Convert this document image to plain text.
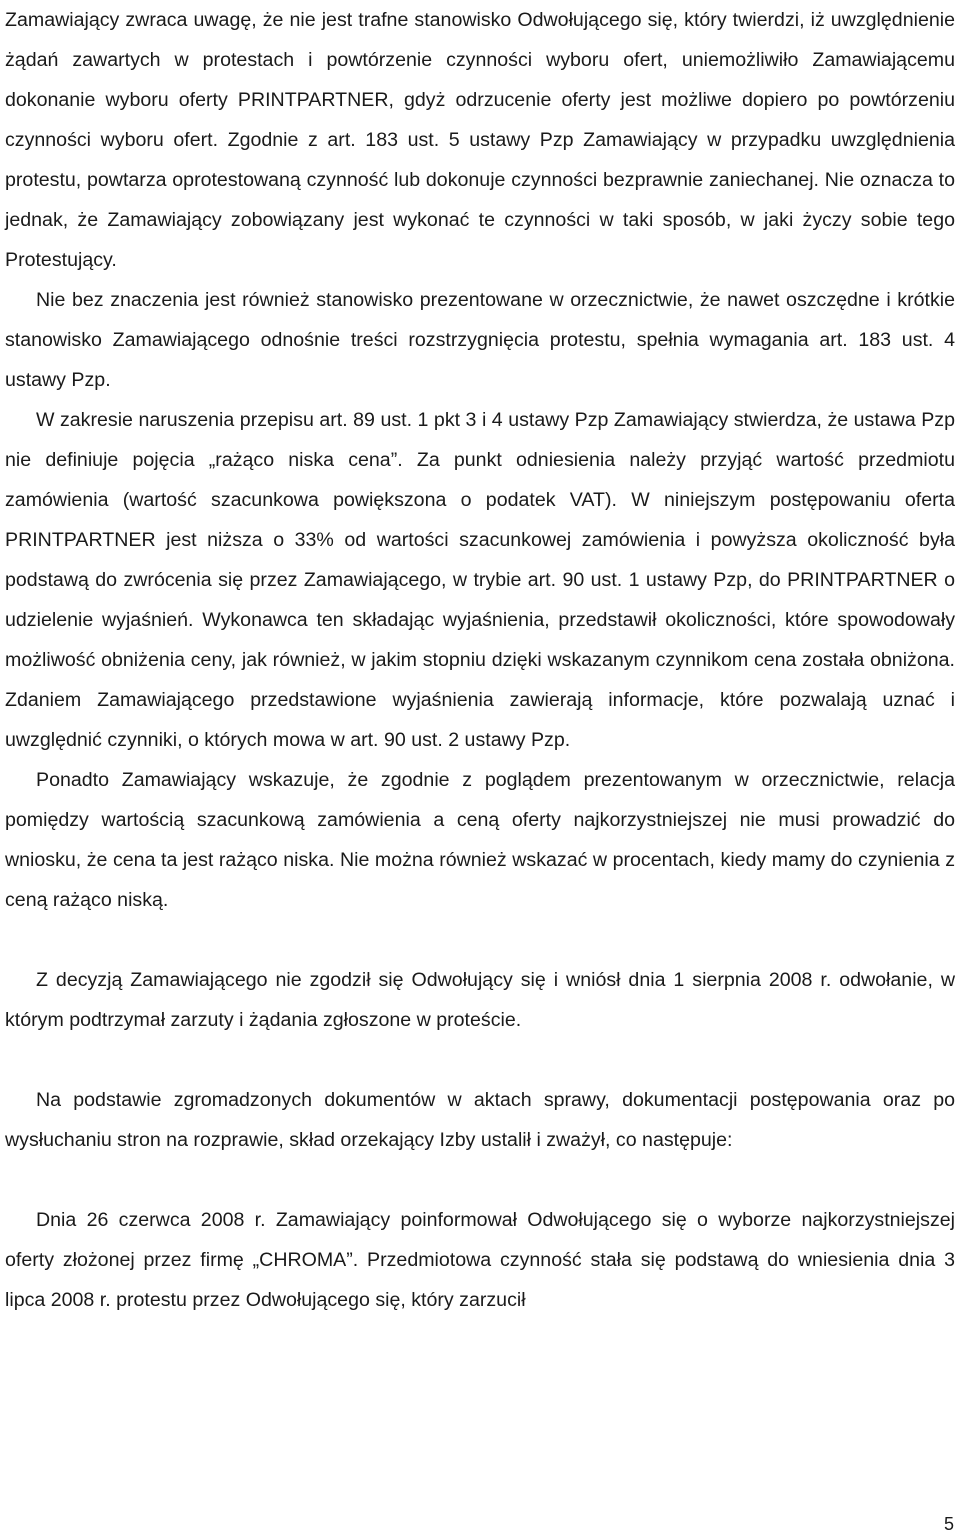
Zamawiający zwraca uwagę, że nie jest trafne stanowisko Odwołującego się, który twierdzi, iż uwzględnienie żądań zawartych w protestach i powtórzenie czynności wyboru ofert, uniemożliwiło Zamawiającemu dokonanie wyboru oferty PRINTPARTNER, gdyż odrzucenie oferty jest możliwe dopiero po powtórzeniu czynności wyboru ofert. Zgodnie z art. 183 ust. 5 ustawy Pzp Zamawiający w przypadku uwzględnienia protestu, powtarza oprotestowaną czynność lub dokonuje czynności bezprawnie zaniechanej. Nie oznacza to jednak, że Zamawiający zobowiązany jest wykonać te czynności w taki sposób, w jaki życzy sobie tego Protestujący.

Nie bez znaczenia jest również stanowisko prezentowane w orzecznictwie, że nawet oszczędne i krótkie stanowisko Zamawiającego odnośnie treści rozstrzygnięcia protestu, spełnia wymagania art. 183 ust. 4 ustawy Pzp.

W zakresie naruszenia przepisu art. 89 ust. 1 pkt 3 i 4 ustawy Pzp Zamawiający stwierdza, że ustawa Pzp nie definiuje pojęcia „rażąco niska cena”. Za punkt odniesienia należy przyjąć wartość przedmiotu zamówienia (wartość szacunkowa powiększona o podatek VAT). W niniejszym postępowaniu oferta PRINTPARTNER jest niższa o 33% od wartości szacunkowej zamówienia i powyższa okoliczność była podstawą do zwrócenia się przez Zamawiającego, w trybie art. 90 ust. 1 ustawy Pzp, do PRINTPARTNER o udzielenie wyjaśnień. Wykonawca ten składając wyjaśnienia, przedstawił okoliczności, które spowodowały możliwość obniżenia ceny, jak również, w jakim stopniu dzięki wskazanym czynnikom cena została obniżona. Zdaniem Zamawiającego przedstawione wyjaśnienia zawierają informacje, które pozwalają uznać i uwzględnić czynniki, o których mowa w art. 90 ust. 2 ustawy Pzp.

Ponadto Zamawiający wskazuje, że zgodnie z poglądem prezentowanym w orzecznictwie, relacja pomiędzy wartością szacunkową zamówienia a ceną oferty najkorzystniejszej nie musi prowadzić do wniosku, że cena ta jest rażąco niska. Nie można również wskazać w procentach, kiedy mamy do czynienia z ceną rażąco niską.

Z decyzją Zamawiającego nie zgodził się Odwołujący się i wniósł dnia 1 sierpnia 2008 r. odwołanie, w którym podtrzymał zarzuty i żądania zgłoszone w proteście.

Na podstawie zgromadzonych dokumentów w aktach sprawy, dokumentacji postępowania oraz po wysłuchaniu stron na rozprawie, skład orzekający Izby ustalił i zważył, co następuje:

Dnia 26 czerwca 2008 r. Zamawiający poinformował Odwołującego się o wyborze najkorzystniejszej oferty złożonej przez firmę „CHROMA”. Przedmiotowa czynność stała się podstawą do wniesienia dnia 3 lipca 2008 r. protestu przez Odwołującego się, który zarzucił

5
